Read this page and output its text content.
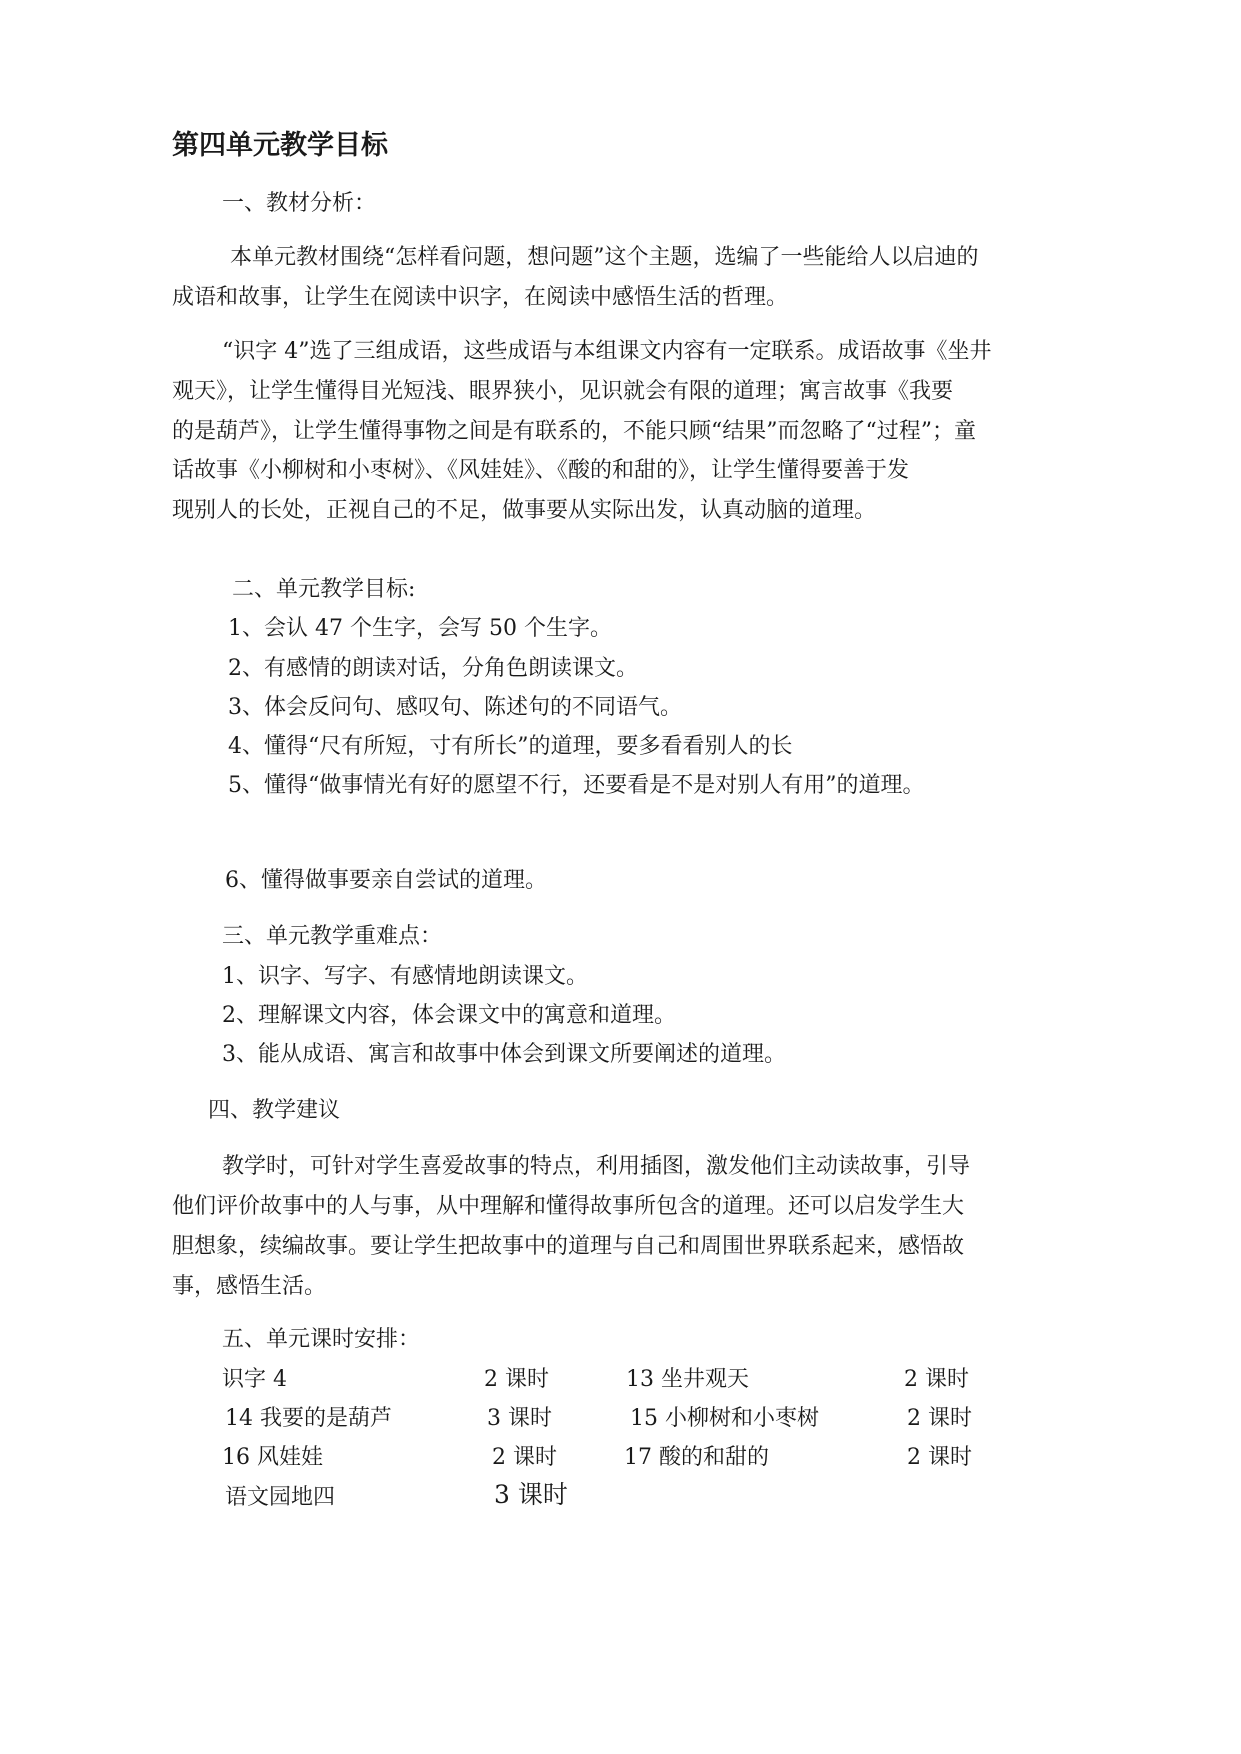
第四单元教学目标
一、教材分析：
本单元教材围绕“怎样看问题，想问题”这个主题，选编了一些能给人以启迪的
成语和故事，让学生在阅读中识字，在阅读中感悟生活的哲理。
“识字 4”选了三组成语，这些成语与本组课文内容有一定联系。成语故事《坐井
观天》，让学生懂得目光短浅、眼界狭小，见识就会有限的道理；寓言故事《我要
的是葫芦》，让学生懂得事物之间是有联系的，不能只顾“结果”而忽略了“过程”；童
话故事《小柳树和小枣树》、《风娃娃》、《酸的和甜的》，让学生懂得要善于发
现别人的长处，正视自己的不足，做事要从实际出发，认真动脑的道理。
二、单元教学目标:
1、会认 47 个生字，会写 50 个生字。
2、有感情的朗读对话，分角色朗读课文。
3、体会反问句、感叹句、陈述句的不同语气。
4、懂得“尺有所短，寸有所长”的道理，要多看看别人的长
5、懂得“做事情光有好的愿望不行，还要看是不是对别人有用”的道理。
6、懂得做事要亲自尝试的道理。
三、单元教学重难点：
1、识字、写字、有感情地朗读课文。
2、理解课文内容，体会课文中的寓意和道理。
3、能从成语、寓言和故事中体会到课文所要阐述的道理。
四、教学建议
教学时，可针对学生喜爱故事的特点，利用插图，激发他们主动读故事，引导
他们评价故事中的人与事，从中理解和懂得故事所包含的道理。还可以启发学生大
胆想象，续编故事。要让学生把故事中的道理与自己和周围世界联系起来，感悟故
事，感悟生活。
五、单元课时安排：
识字 4	2 课时	13 坐井观天	2 课时
14 我要的是葫芦	3 课时	15 小柳树和小枣树	2 课时
16 风娃娃	2 课时	17 酸的和甜的	2 课时
语文园地四	3 课时
